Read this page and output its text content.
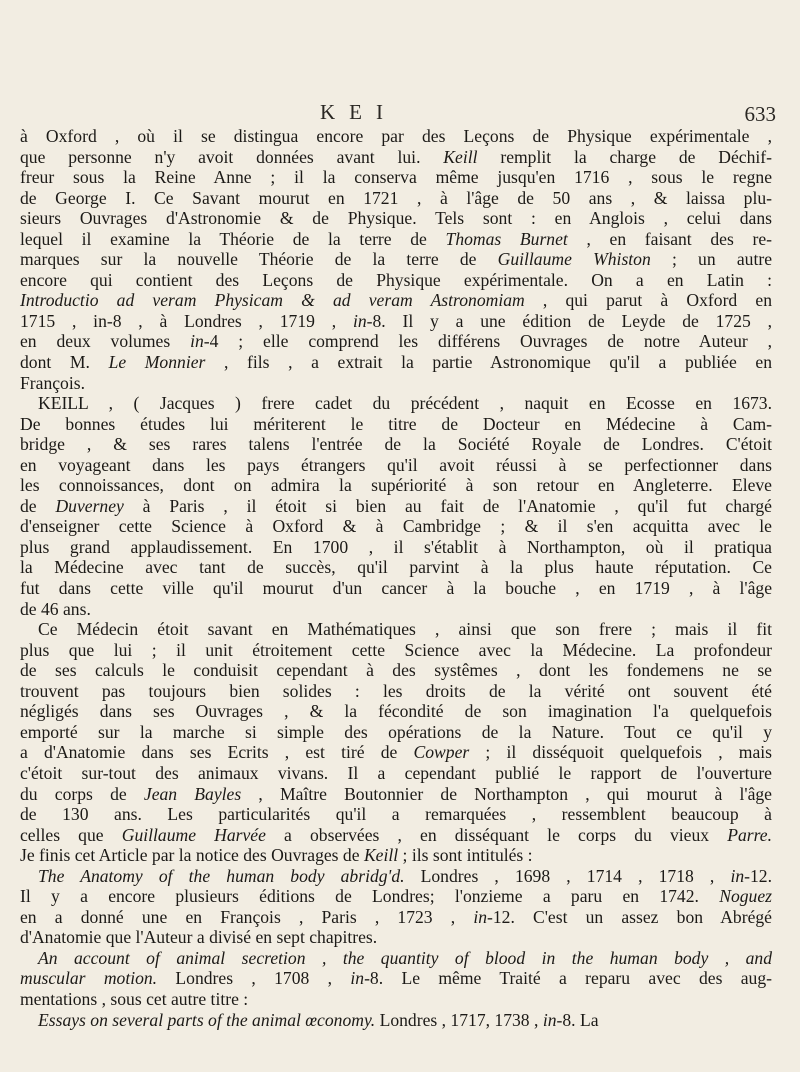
KEI	633
à Oxford , où il se distingua encore par des Leçons de Physique expérimentale ,
que personne n'y avoit données avant lui. Keill remplit la charge de Déchif-
freur sous la Reine Anne ; il la conserva même jusqu'en 1716 , sous le regne
de George I. Ce Savant mourut en 1721 , à l'âge de 50 ans , & laissa plu-
sieurs Ouvrages d'Astronomie & de Physique. Tels sont : en Anglois , celui dans
lequel il examine la Théorie de la terre de Thomas Burnet , en faisant des re-
marques sur la nouvelle Théorie de la terre de Guillaume Whiston ; un autre
encore qui contient des Leçons de Physique expérimentale. On a en Latin :
Introductio ad veram Physicam & ad veram Astronomiam , qui parut à Oxford en
1715 , in-8 , à Londres , 1719 , in-8. Il y a une édition de Leyde de 1725 ,
en deux volumes in-4 ; elle comprend les différens Ouvrages de notre Auteur ,
dont M. Le Monnier , fils , a extrait la partie Astronomique qu'il a publiée en
François.
KEILL , ( Jacques ) frere cadet du précédent , naquit en Ecosse en 1673.
De bonnes études lui mériterent le titre de Docteur en Médecine à Cam-
bridge , & ses rares talens l'entrée de la Société Royale de Londres. C'étoit
en voyageant dans les pays étrangers qu'il avoit réussi à se perfectionner dans
les connoissances, dont on admira la supériorité à son retour en Angleterre. Eleve
de Duverney à Paris , il étoit si bien au fait de l'Anatomie , qu'il fut chargé
d'enseigner cette Science à Oxford & à Cambridge ; & il s'en acquitta avec le
plus grand applaudissement. En 1700 , il s'établit à Northampton, où il pratiqua
la Médecine avec tant de succès, qu'il parvint à la plus haute réputation. Ce
fut dans cette ville qu'il mourut d'un cancer à la bouche , en 1719 , à l'âge
de 46 ans.
Ce Médecin étoit savant en Mathématiques , ainsi que son frere ; mais il fit
plus que lui ; il unit étroitement cette Science avec la Médecine. La profondeur
de ses calculs le conduisit cependant à des systêmes , dont les fondemens ne se
trouvent pas toujours bien solides : les droits de la vérité ont souvent été
négligés dans ses Ouvrages , & la fécondité de son imagination l'a quelquefois
emporté sur la marche si simple des opérations de la Nature. Tout ce qu'il y
a d'Anatomie dans ses Ecrits , est tiré de Cowper ; il disséquoit quelquefois , mais
c'étoit sur-tout des animaux vivans. Il a cependant publié le rapport de l'ouverture
du corps de Jean Bayles , Maître Boutonnier de Northampton , qui mourut à l'âge
de 130 ans. Les particularités qu'il a remarquées , ressemblent beaucoup à
celles que Guillaume Harvée a observées , en disséquant le corps du vieux Parre.
Je finis cet Article par la notice des Ouvrages de Keill ; ils sont intitulés :
The Anatomy of the human body abridg'd. Londres , 1698 , 1714 , 1718 , in-12.
Il y a encore plusieurs éditions de Londres; l'onzieme a paru en 1742. Noguez
en a donné une en François , Paris , 1723 , in-12. C'est un assez bon Abrégé
d'Anatomie que l'Auteur a divisé en sept chapitres.
An account of animal secretion , the quantity of blood in the human body , and
muscular motion. Londres , 1708 , in-8. Le même Traité a reparu avec des aug-
mentations , sous cet autre titre :
Essays on several parts of the animal œconomy. Londres , 1717, 1738 , in-8. La
